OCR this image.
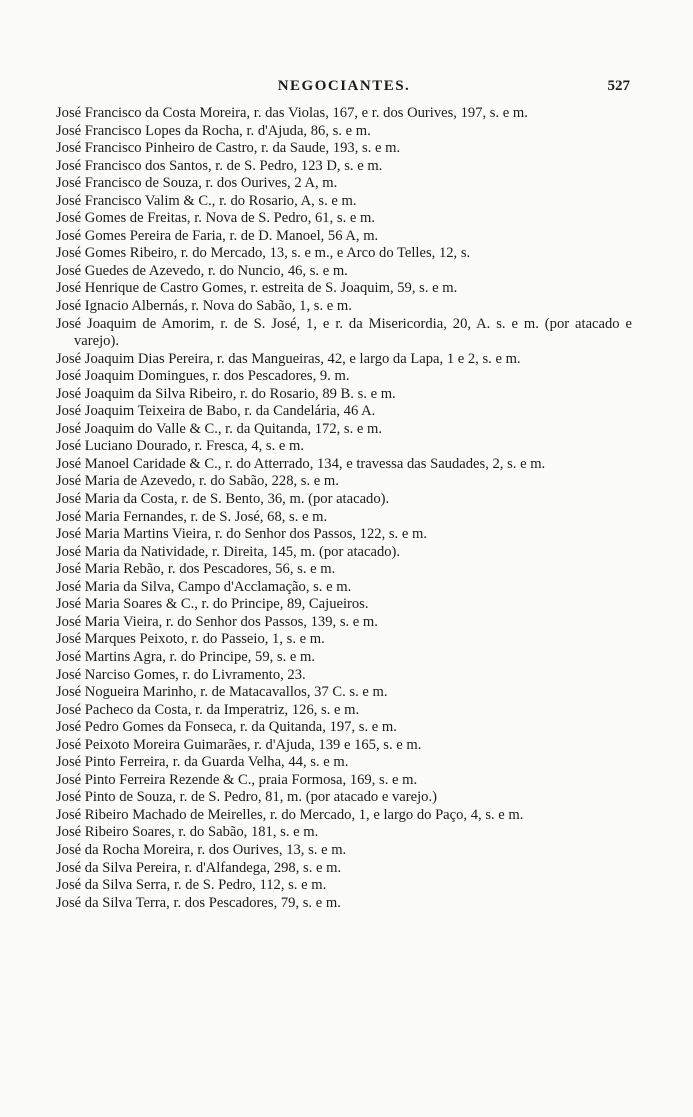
NEGOCIANTES.	527
José Francisco da Costa Moreira, r. das Violas, 167, e r. dos Ourives, 197, s. e m.
José Francisco Lopes da Rocha, r. d'Ajuda, 86, s. e m.
José Francisco Pinheiro de Castro, r. da Saude, 193, s. e m.
José Francisco dos Santos, r. de S. Pedro, 123 D, s. e m.
José Francisco de Souza, r. dos Ourives, 2 A, m.
José Francisco Valim & C., r. do Rosario, A, s. e m.
José Gomes de Freitas, r. Nova de S. Pedro, 61, s. e m.
José Gomes Pereira de Faria, r. de D. Manoel, 56 A, m.
José Gomes Ribeiro, r. do Mercado, 13, s. e m., e Arco do Telles, 12, s.
José Guedes de Azevedo, r. do Nuncio, 46, s. e m.
José Henrique de Castro Gomes, r. estreita de S. Joaquim, 59, s. e m.
José Ignacio Albernás, r. Nova do Sabão, 1, s. e m.
José Joaquim de Amorim, r. de S. José, 1, e r. da Misericordia, 20, A. s. e m. (por atacado e varejo).
José Joaquim Dias Pereira, r. das Mangueiras, 42, e largo da Lapa, 1 e 2, s. e m.
José Joaquim Domingues, r. dos Pescadores, 9. m.
José Joaquim da Silva Ribeiro, r. do Rosario, 89 B. s. e m.
José Joaquim Teixeira de Babo, r. da Candelária, 46 A.
José Joaquim do Valle & C., r. da Quitanda, 172, s. e m.
José Luciano Dourado, r. Fresca, 4, s. e m.
José Manoel Caridade & C., r. do Atterrado, 134, e travessa das Saudades, 2, s. e m.
José Maria de Azevedo, r. do Sabão, 228, s. e m.
José Maria da Costa, r. de S. Bento, 36, m. (por atacado).
José Maria Fernandes, r. de S. José, 68, s. e m.
José Maria Martins Vieira, r. do Senhor dos Passos, 122, s. e m.
José Maria da Natividade, r. Direita, 145, m. (por atacado).
José Maria Rebão, r. dos Pescadores, 56, s. e m.
José Maria da Silva, Campo d'Acclamação, s. e m.
José Maria Soares & C., r. do Principe, 89, Cajueiros.
José Maria Vieira, r. do Senhor dos Passos, 139, s. e m.
José Marques Peixoto, r. do Passeio, 1, s. e m.
José Martins Agra, r. do Principe, 59, s. e m.
José Narciso Gomes, r. do Livramento, 23.
José Nogueira Marinho, r. de Matacavallos, 37 C. s. e m.
José Pacheco da Costa, r. da Imperatriz, 126, s. e m.
José Pedro Gomes da Fonseca, r. da Quitanda, 197, s. e m.
José Peixoto Moreira Guimarães, r. d'Ajuda, 139 e 165, s. e m.
José Pinto Ferreira, r. da Guarda Velha, 44, s. e m.
José Pinto Ferreira Rezende & C., praia Formosa, 169, s. e m.
José Pinto de Souza, r. de S. Pedro, 81, m. (por atacado e varejo.)
José Ribeiro Machado de Meirelles, r. do Mercado, 1, e largo do Paço, 4, s. e m.
José Ribeiro Soares, r. do Sabão, 181, s. e m.
José da Rocha Moreira, r. dos Ourives, 13, s. e m.
José da Silva Pereira, r. d'Alfandega, 298, s. e m.
José da Silva Serra, r. de S. Pedro, 112, s. e m.
José da Silva Terra, r. dos Pescadores, 79, s. e m.
